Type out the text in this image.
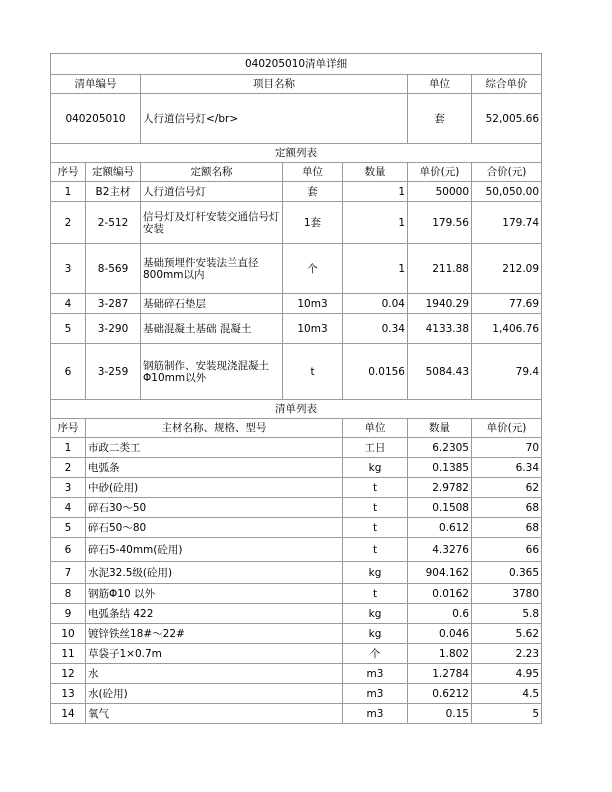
040205010清单详细							
清单编号		项目名称			单位	综合单价	
040205010		人行道信号灯</br>			套	52,005.66	
定额列表							
序号	定额编号	定额名称	单位	数量	单价(元)	合价(元)	
1	B2主材	人行道信号灯	套	1	50000	50,050.00	
2	2-512	信号灯及灯杆安装交通信号灯安装	1套	1	179.56	179.74	
3	8-569	基础预埋件安装法兰直径800mm以内	个	1	211.88	212.09	
4	3-287	基础碎石垫层	10m3	0.04	1940.29	77.69	
5	3-290	基础混凝土基础 混凝土	10m3	0.34	4133.38	1,406.76	
6	3-259	钢筋制作、安装现浇混凝土Φ10mm以外	t	0.0156	5084.43	79.4	
清单列表							
序号	主材名称、规格、型号			单位	数量	单价(元)	
1	市政二类工			工日	6.2305	70	
2	电弧条			kg	0.1385	6.34	
3	中砂(砼用)			t	2.9782	62	
4	碎石30～50			t	0.1508	68	
5	碎石50～80			t	0.612	68	
6	碎石5-40mm(砼用)			t	4.3276	66	
7	水泥32.5级(砼用)			kg	904.162	0.365	
8	钢筋Φ10 以外			t	0.0162	3780	
9	电弧条结 422			kg	0.6	5.8	
10	镀锌铁丝18#～22#			kg	0.046	5.62	
11	草袋子1×0.7m			个	1.802	2.23	
12	水			m3	1.2784	4.95	
13	水(砼用)			m3	0.6212	4.5	
14	氧气			m3	0.15	5	
